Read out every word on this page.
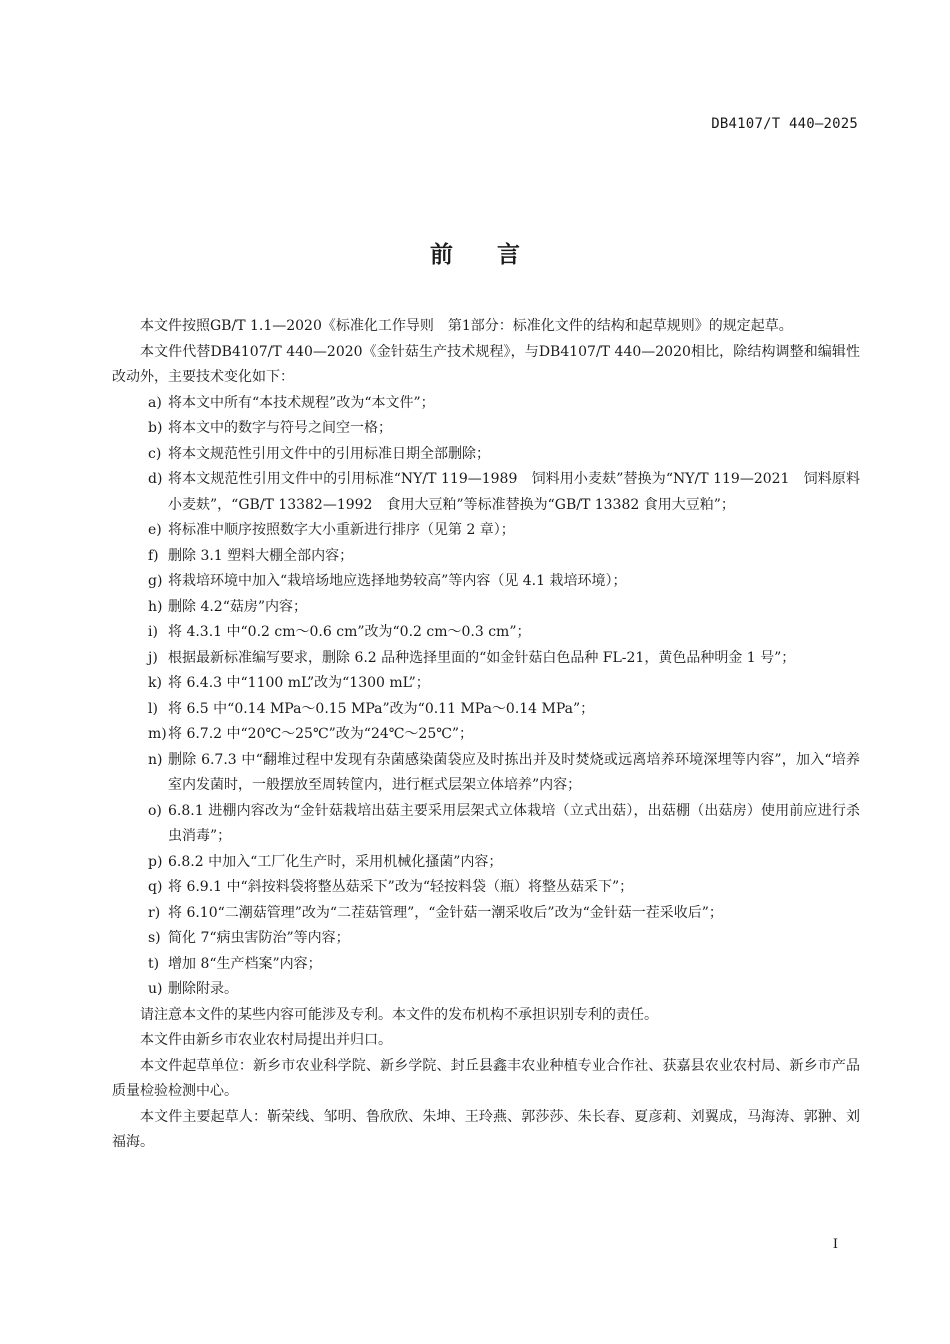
DB4107/T 440—2025
前言

本文件按照GB/T 1.1—2020《标准化工作导则　第1部分：标准化文件的结构和起草规则》的规定起草。

本文件代替DB4107/T 440—2020《金针菇生产技术规程》，与DB4107/T 440—2020相比，除结构调整和编辑性改动外，主要技术变化如下：

a) 将本文中所有“本技术规程”改为“本文件”；

b) 将本文中的数字与符号之间空一格；

c) 将本文规范性引用文件中的引用标准日期全部删除；

d) 将本文规范性引用文件中的引用标准“NY/T 119—1989　饲料用小麦麸”替换为“NY/T 119—2021　饲料原料 小麦麸”，“GB/T 13382—1992　食用大豆粕”等标准替换为“GB/T 13382 食用大豆粕”；

e) 将标准中顺序按照数字大小重新进行排序（见第 2 章）；

f) 删除 3.1 塑料大棚全部内容；

g) 将栽培环境中加入“栽培场地应选择地势较高”等内容（见 4.1 栽培环境）；

h) 删除 4.2“菇房”内容；

i) 将 4.3.1 中“0.2 cm～0.6 cm”改为“0.2 cm～0.3 cm”；

j) 根据最新标准编写要求，删除 6.2 品种选择里面的“如金针菇白色品种 FL-21，黄色品种明金 1 号”；

k) 将 6.4.3 中“1100 mL”改为“1300 mL”；

l) 将 6.5 中“0.14 MPa～0.15 MPa”改为“0.11 MPa～0.14 MPa”；

m) 将 6.7.2 中“20℃～25℃”改为“24℃～25℃”；

n) 删除 6.7.3 中“翻堆过程中发现有杂菌感染菌袋应及时拣出并及时焚烧或远离培养环境深埋等内容”，加入“培养室内发菌时，一般摆放至周转筐内，进行框式层架立体培养”内容；

o) 6.8.1 进棚内容改为“金针菇栽培出菇主要采用层架式立体栽培（立式出菇），出菇棚（出菇房）使用前应进行杀虫消毒”；

p) 6.8.2 中加入“工厂化生产时，采用机械化搔菌”内容；

q) 将 6.9.1 中“斜按料袋将整丛菇采下”改为“轻按料袋（瓶）将整丛菇采下”；

r) 将 6.10“二潮菇管理”改为“二茬菇管理”，“金针菇一潮采收后”改为“金针菇一茬采收后”；

s) 简化 7“病虫害防治”等内容；

t) 增加 8“生产档案”内容；

u) 删除附录。

请注意本文件的某些内容可能涉及专利。本文件的发布机构不承担识别专利的责任。

本文件由新乡市农业农村局提出并归口。

本文件起草单位：新乡市农业科学院、新乡学院、封丘县鑫丰农业种植专业合作社、获嘉县农业农村局、新乡市产品质量检验检测中心。

本文件主要起草人：靳荣线、邹明、鲁欣欣、朱坤、王玲燕、郭莎莎、朱长春、夏彦莉、刘翼成，马海涛、郭翀、刘福海。

I
